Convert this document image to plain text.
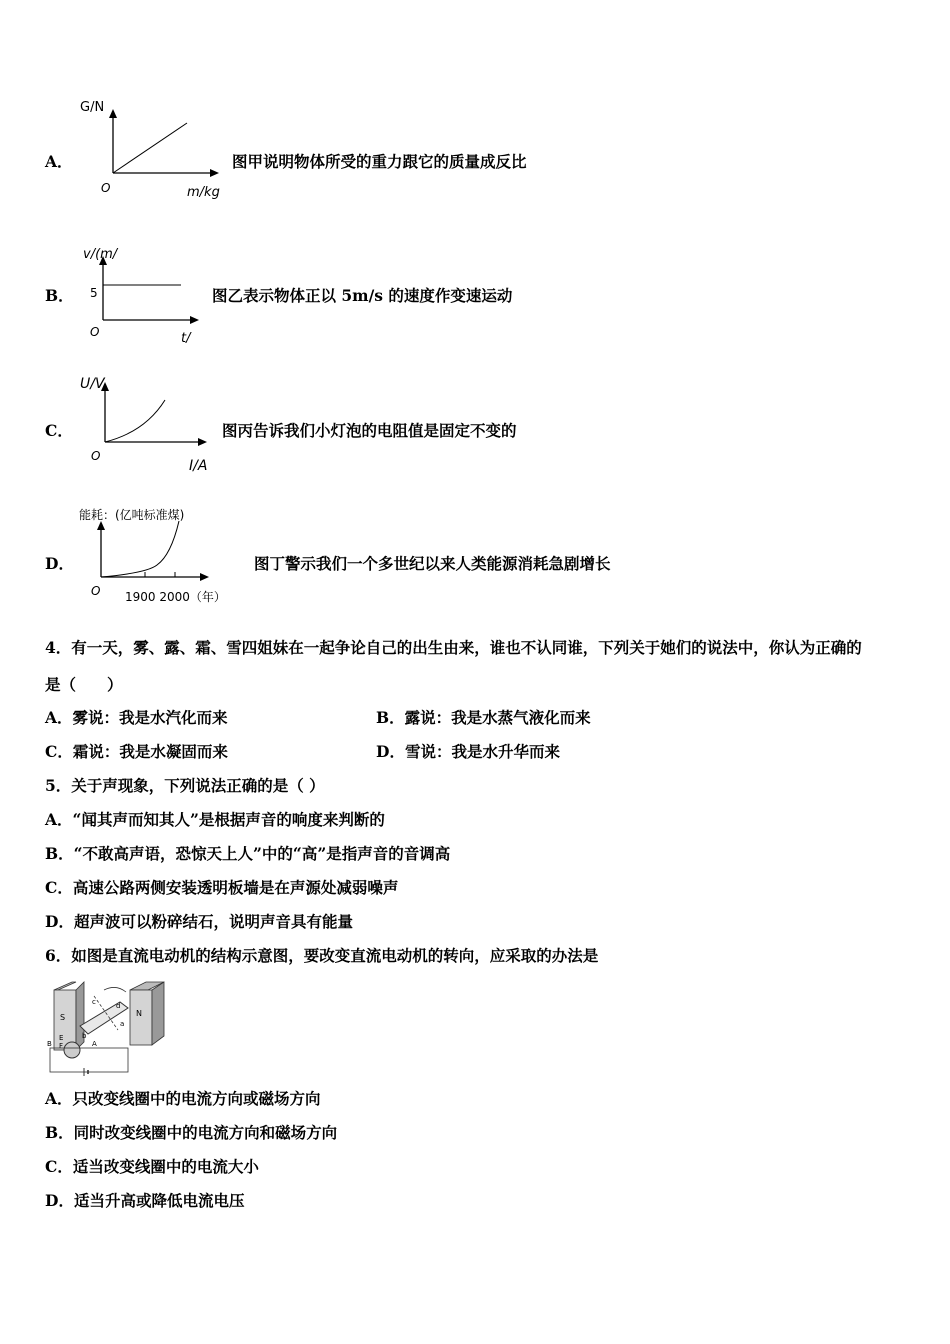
A．
G/N
O	m/kg
图甲说明物体所受的重力跟它的质量成反比
B．
v/(m/
5
O	t/
图乙表示物体正以 5m/s 的速度作变速运动
C．
U/V
O
I/A
图丙告诉我们小灯泡的电阻值是固定不变的
D．
能耗：(亿吨标准煤)
O 1900 2000（年）
图丁警示我们一个多世纪以来人类能源消耗急剧增长
4．有一天，雾、露、霜、雪四姐妹在一起争论自己的出生由来，谁也不认同谁，下列关于她们的说法中，你认为正确的
是（　　）
A．雾说：我是水汽化而来	B．露说：我是水蒸气液化而来
C．霜说：我是水凝固而来	D．雪说：我是水升华而来
5．关于声现象，下列说法正确的是（ ）
A．“闻其声而知其人”是根据声音的响度来判断的
B．“不敢高声语，恐惊天上人”中的“高”是指声音的音调高
C．高速公路两侧安装透明板墙是在声源处减弱噪声
D．超声波可以粉碎结石，说明声音具有能量
6．如图是直流电动机的结构示意图，要改变直流电动机的转向，应采取的办法是
S	N
c	d
b
a
E
F
B	A
A．只改变线圈中的电流方向或磁场方向
B．同时改变线圈中的电流方向和磁场方向
C．适当改变线圈中的电流大小
D．适当升高或降低电流电压
